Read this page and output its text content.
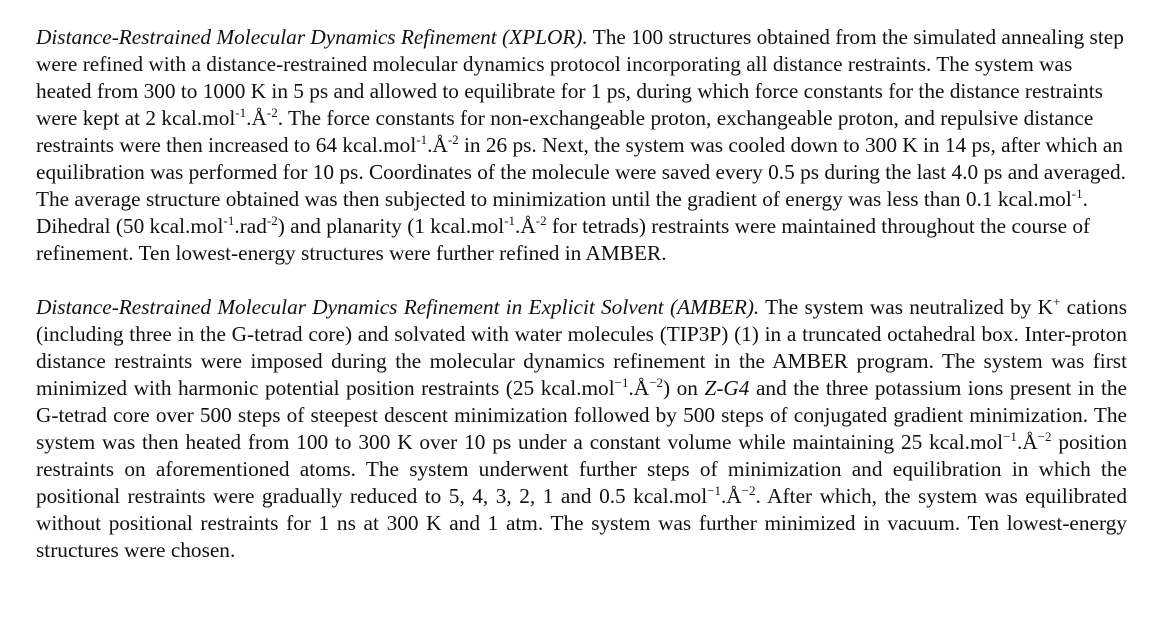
Distance-Restrained Molecular Dynamics Refinement (XPLOR). The 100 structures obtained from the simulated annealing step were refined with a distance-restrained molecular dynamics protocol incorporating all distance restraints. The system was heated from 300 to 1000 K in 5 ps and allowed to equilibrate for 1 ps, during which force constants for the distance restraints were kept at 2 $kcal.mol^{-1}.Å^{-2}$. The force constants for non-exchangeable proton, exchangeable proton, and repulsive distance restraints were then increased to 64 $kcal.mol^{-1}.Å^{-2}$ in 26 ps. Next, the system was cooled down to 300 K in 14 ps, after which an equilibration was performed for 10 ps. Coordinates of the molecule were saved every 0.5 ps during the last 4.0 ps and averaged. The average structure obtained was then subjected to minimization until the gradient of energy was less than 0.1 kcal.mol$^{-1}$. Dihedral (50 kcal.mol$^{-1}$.rad$^{-2}$) and planarity (1 $kcal.mol^{-1}.Å^{-2}$ for tetrads) restraints were maintained throughout the course of refinement. Ten lowest-energy structures were further refined in AMBER.

Distance-Restrained Molecular Dynamics Refinement in Explicit Solvent (AMBER). The system was neutralized by K+ cations (including three in the G-tetrad core) and solvated with water molecules (TIP3P) (1) in a truncated octahedral box. Inter-proton distance restraints were imposed during the molecular dynamics refinement in the AMBER program. The system was first minimized with harmonic potential position restraints (25 $kcal.mol^{-1}.Å^{-2}$) on Z-G4 and the three potassium ions present in the G-tetrad core over 500 steps of steepest descent minimization followed by 500 steps of conjugated gradient minimization. The system was then heated from 100 to 300 K over 10 ps under a constant volume while maintaining 25 $kcal.mol^{-1}.Å^{-2}$ position restraints on aforementioned atoms. The system underwent further steps of minimization and equilibration in which the positional restraints were gradually reduced to 5, 4, 3, 2, 1 and 0.5 $kcal.mol^{-1}.Å^{-2}$. After which, the system was equilibrated without positional restraints for 1 ns at 300 K and 1 atm. The system was further minimized in vacuum. Ten lowest-energy structures were chosen.
